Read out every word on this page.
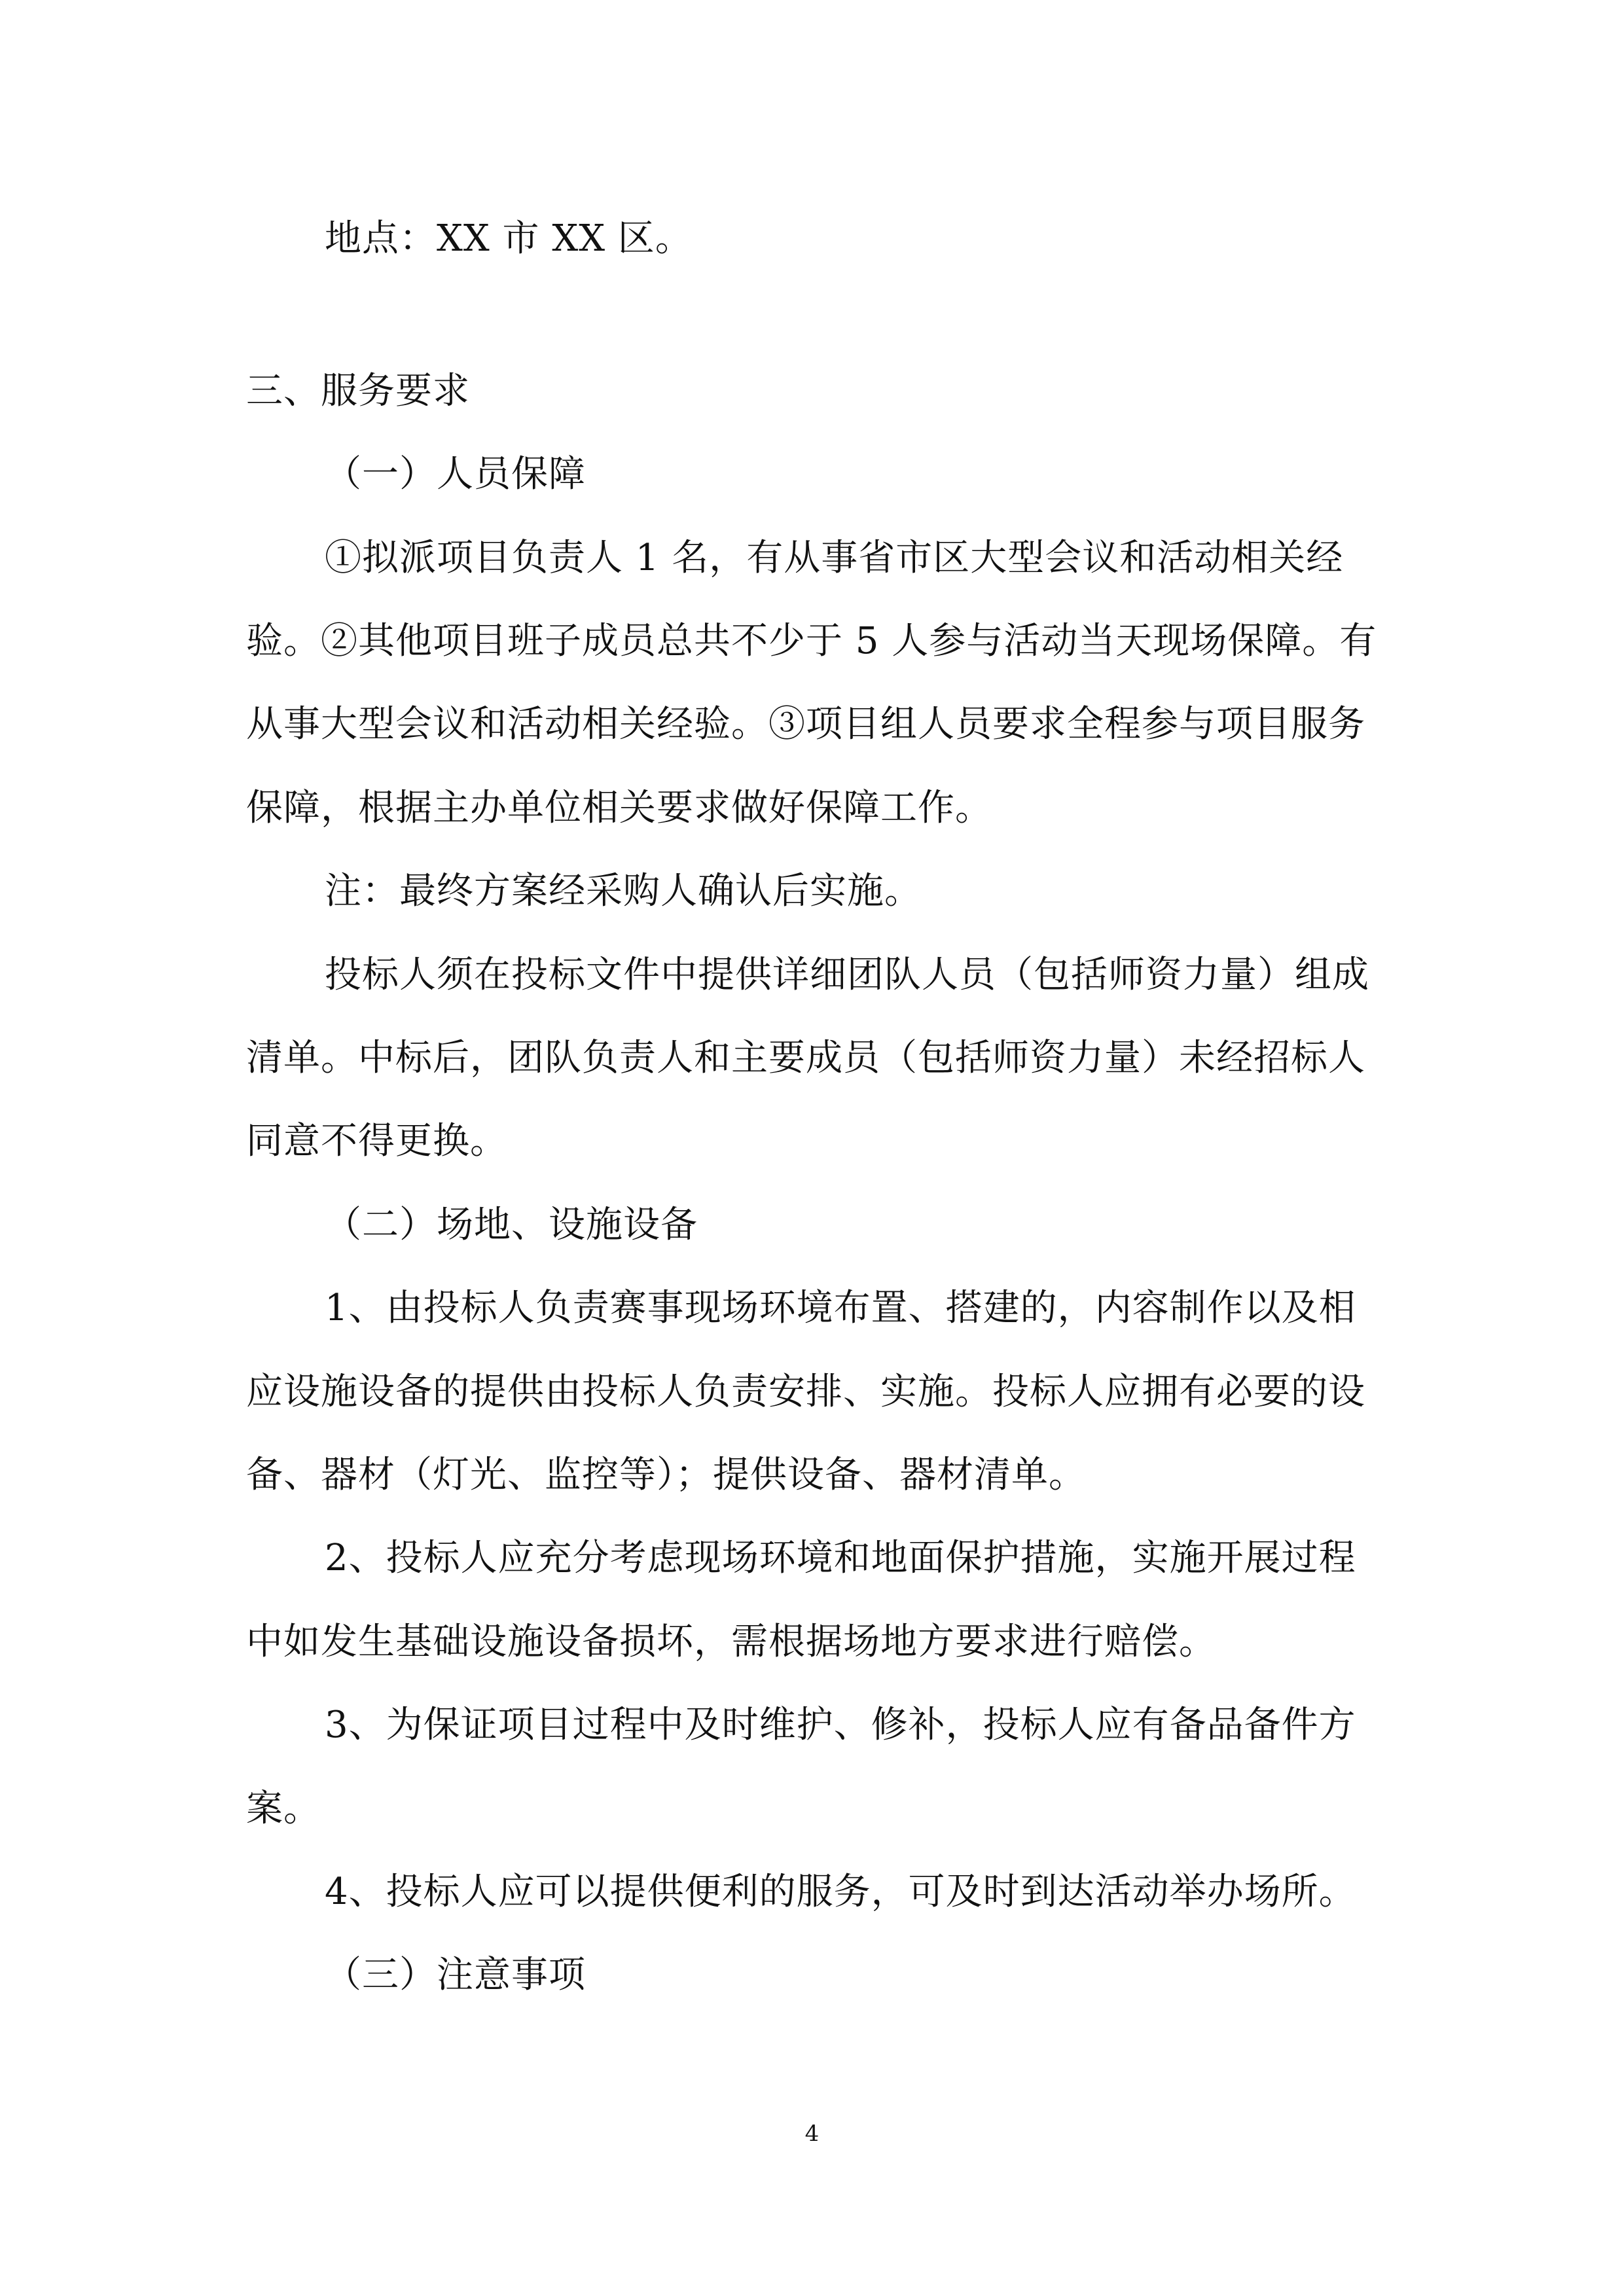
地点：XX 市 XX 区。
三、服务要求
（一）人员保障
①拟派项目负责人 1 名，有从事省市区大型会议和活动相关经
验。②其他项目班子成员总共不少于 5 人参与活动当天现场保障。有
从事大型会议和活动相关经验。③项目组人员要求全程参与项目服务
保障，根据主办单位相关要求做好保障工作。
注：最终方案经采购人确认后实施。
投标人须在投标文件中提供详细团队人员（包括师资力量）组成
清单。中标后，团队负责人和主要成员（包括师资力量）未经招标人
同意不得更换。
（二）场地、设施设备
1、由投标人负责赛事现场环境布置、搭建的，内容制作以及相
应设施设备的提供由投标人负责安排、实施。投标人应拥有必要的设
备、器材（灯光、监控等）；提供设备、器材清单。
2、投标人应充分考虑现场环境和地面保护措施，实施开展过程
中如发生基础设施设备损坏，需根据场地方要求进行赔偿。
3、为保证项目过程中及时维护、修补，投标人应有备品备件方
案。
4、投标人应可以提供便利的服务，可及时到达活动举办场所。
（三）注意事项
4
